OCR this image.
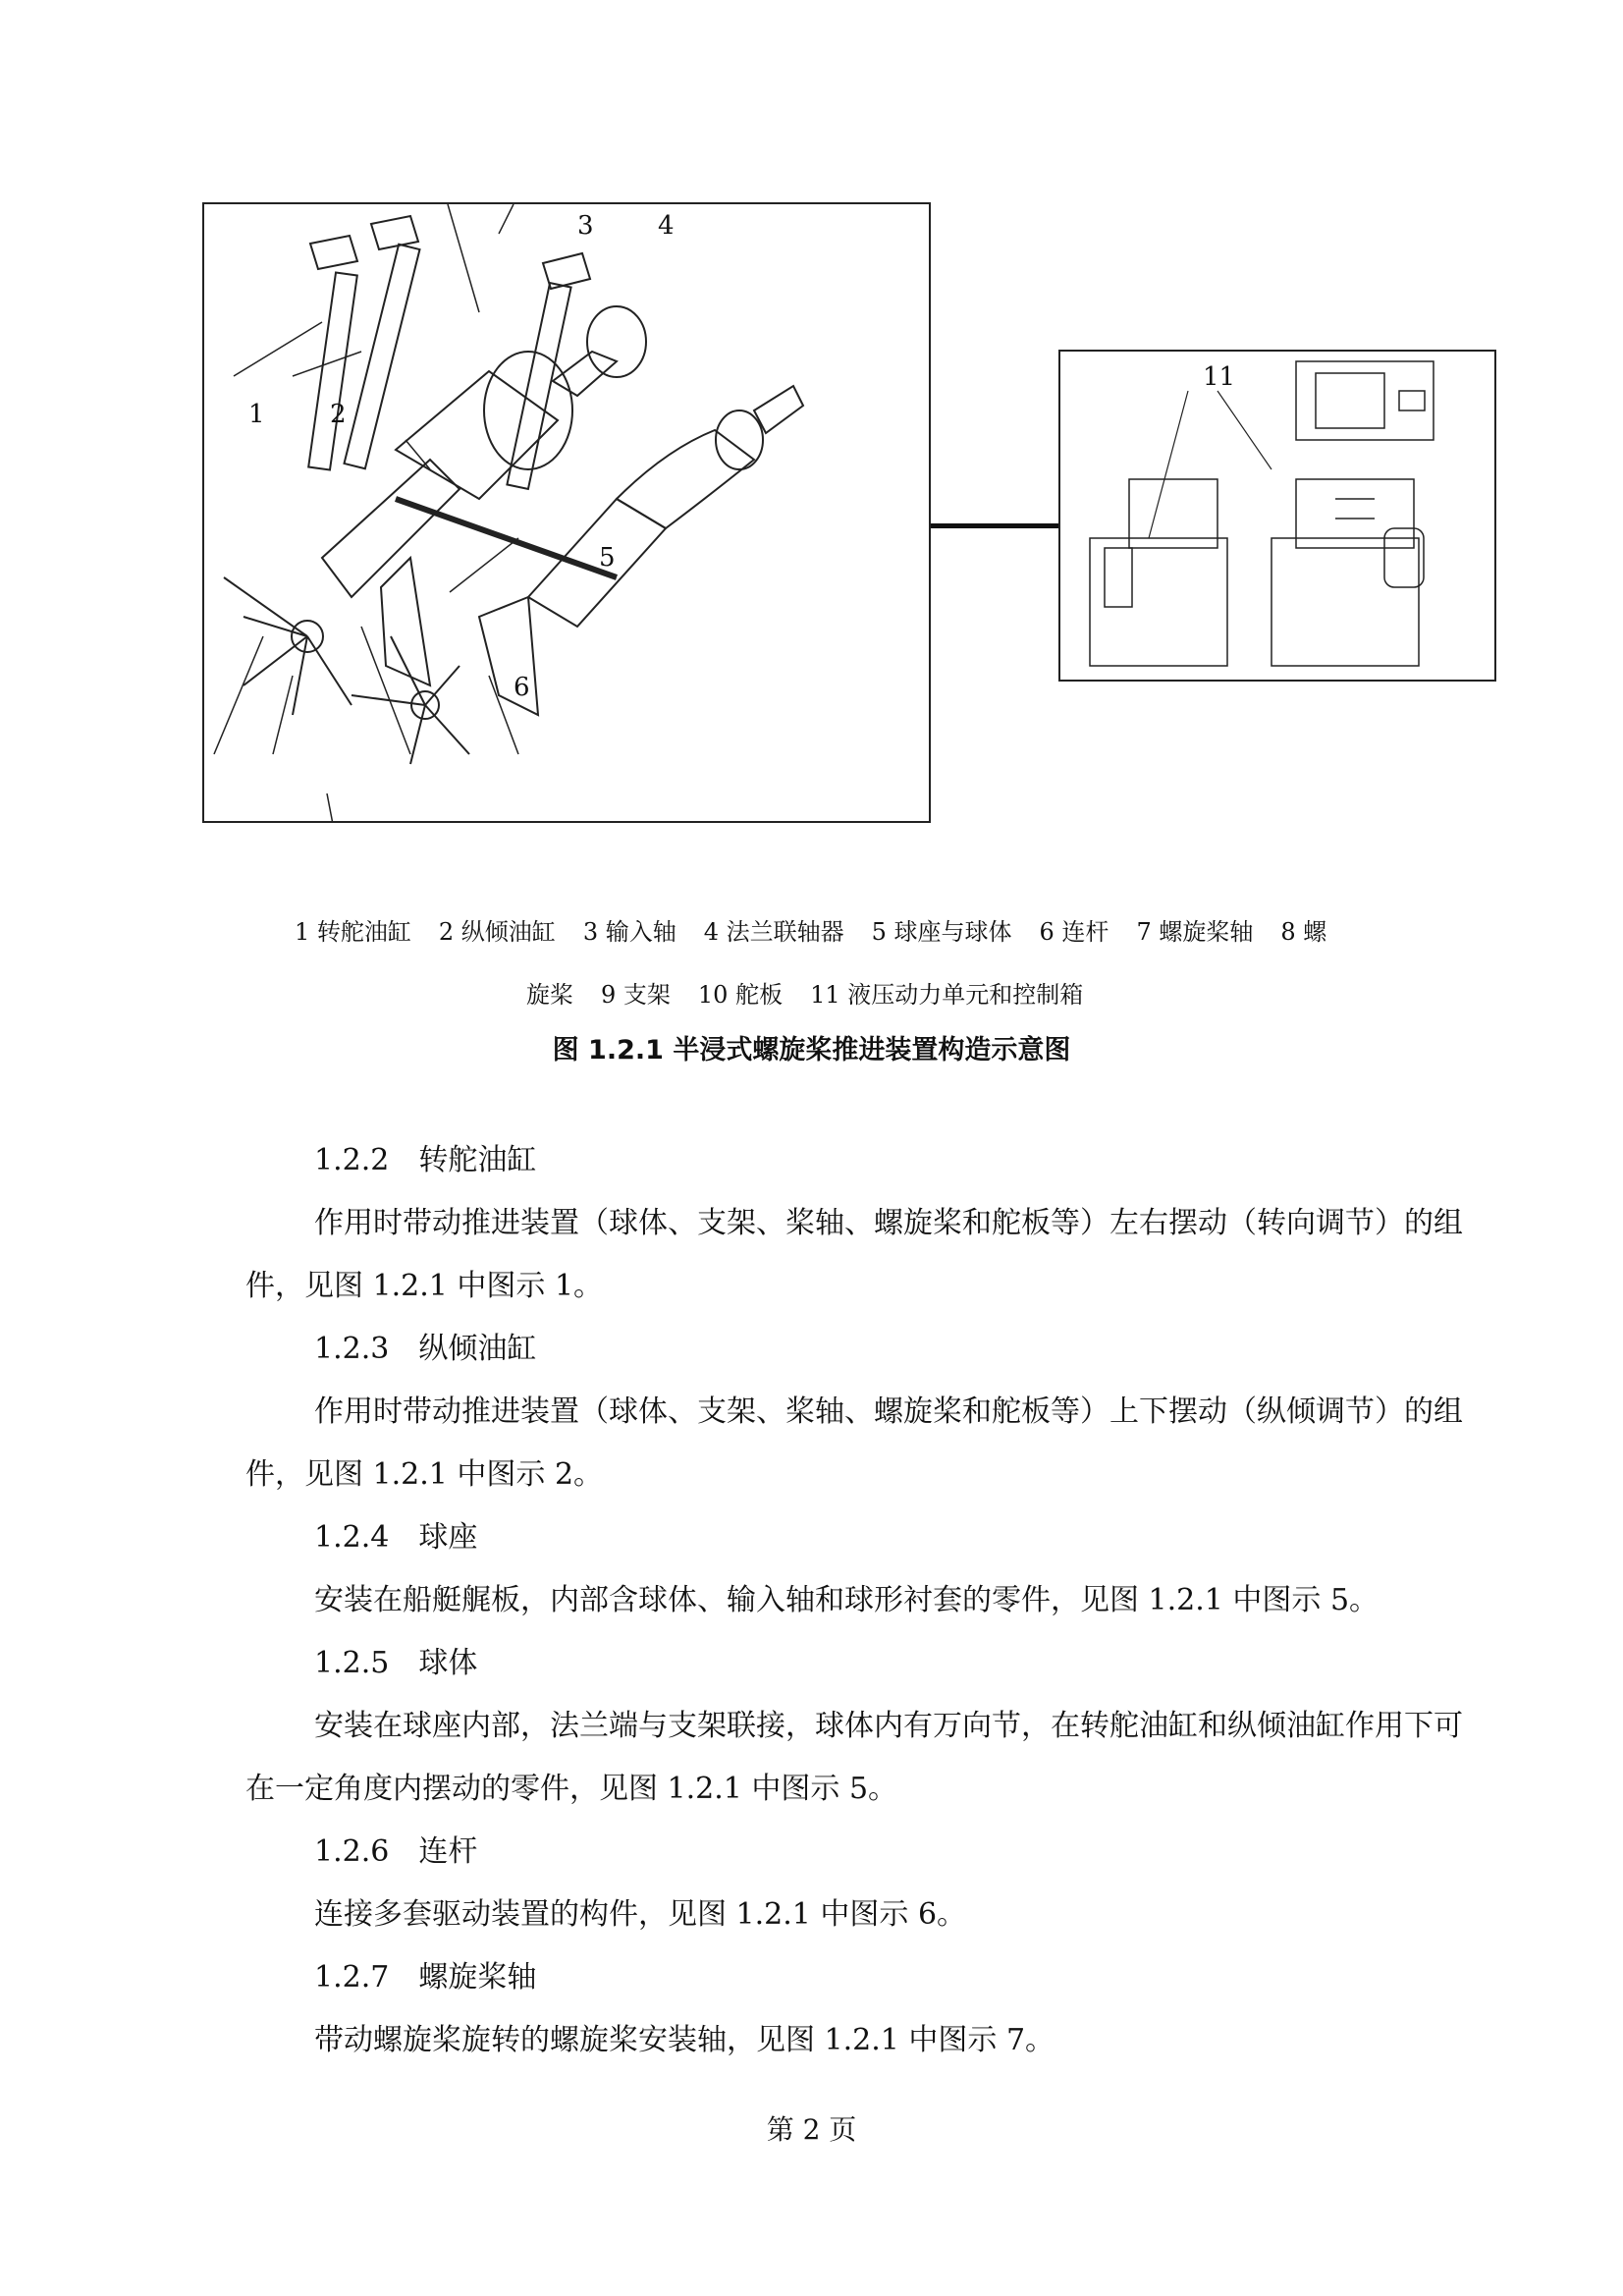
1	2
3	4
5
6
11
1 转舵油缸 2 纵倾油缸 3 输入轴 4 法兰联轴器 5 球座与球体 6 连杆 7 螺旋桨轴 8 螺
旋桨 9 支架 10 舵板 11 液压动力单元和控制箱
图 1.2.1 半浸式螺旋桨推进装置构造示意图

1.2.2　转舵油缸

作用时带动推进装置（球体、支架、桨轴、螺旋桨和舵板等）左右摆动（转向调节）的组件，见图 1.2.1 中图示 1。

1.2.3　纵倾油缸

作用时带动推进装置（球体、支架、桨轴、螺旋桨和舵板等）上下摆动（纵倾调节）的组件，见图 1.2.1 中图示 2。

1.2.4　球座

安装在船艇艉板，内部含球体、输入轴和球形衬套的零件，见图 1.2.1 中图示 5。

1.2.5　球体

安装在球座内部，法兰端与支架联接，球体内有万向节，在转舵油缸和纵倾油缸作用下可在一定角度内摆动的零件，见图 1.2.1 中图示 5。

1.2.6　连杆

连接多套驱动装置的构件，见图 1.2.1 中图示 6。

1.2.7　螺旋桨轴

带动螺旋桨旋转的螺旋桨安装轴，见图 1.2.1 中图示 7。

第 2 页
